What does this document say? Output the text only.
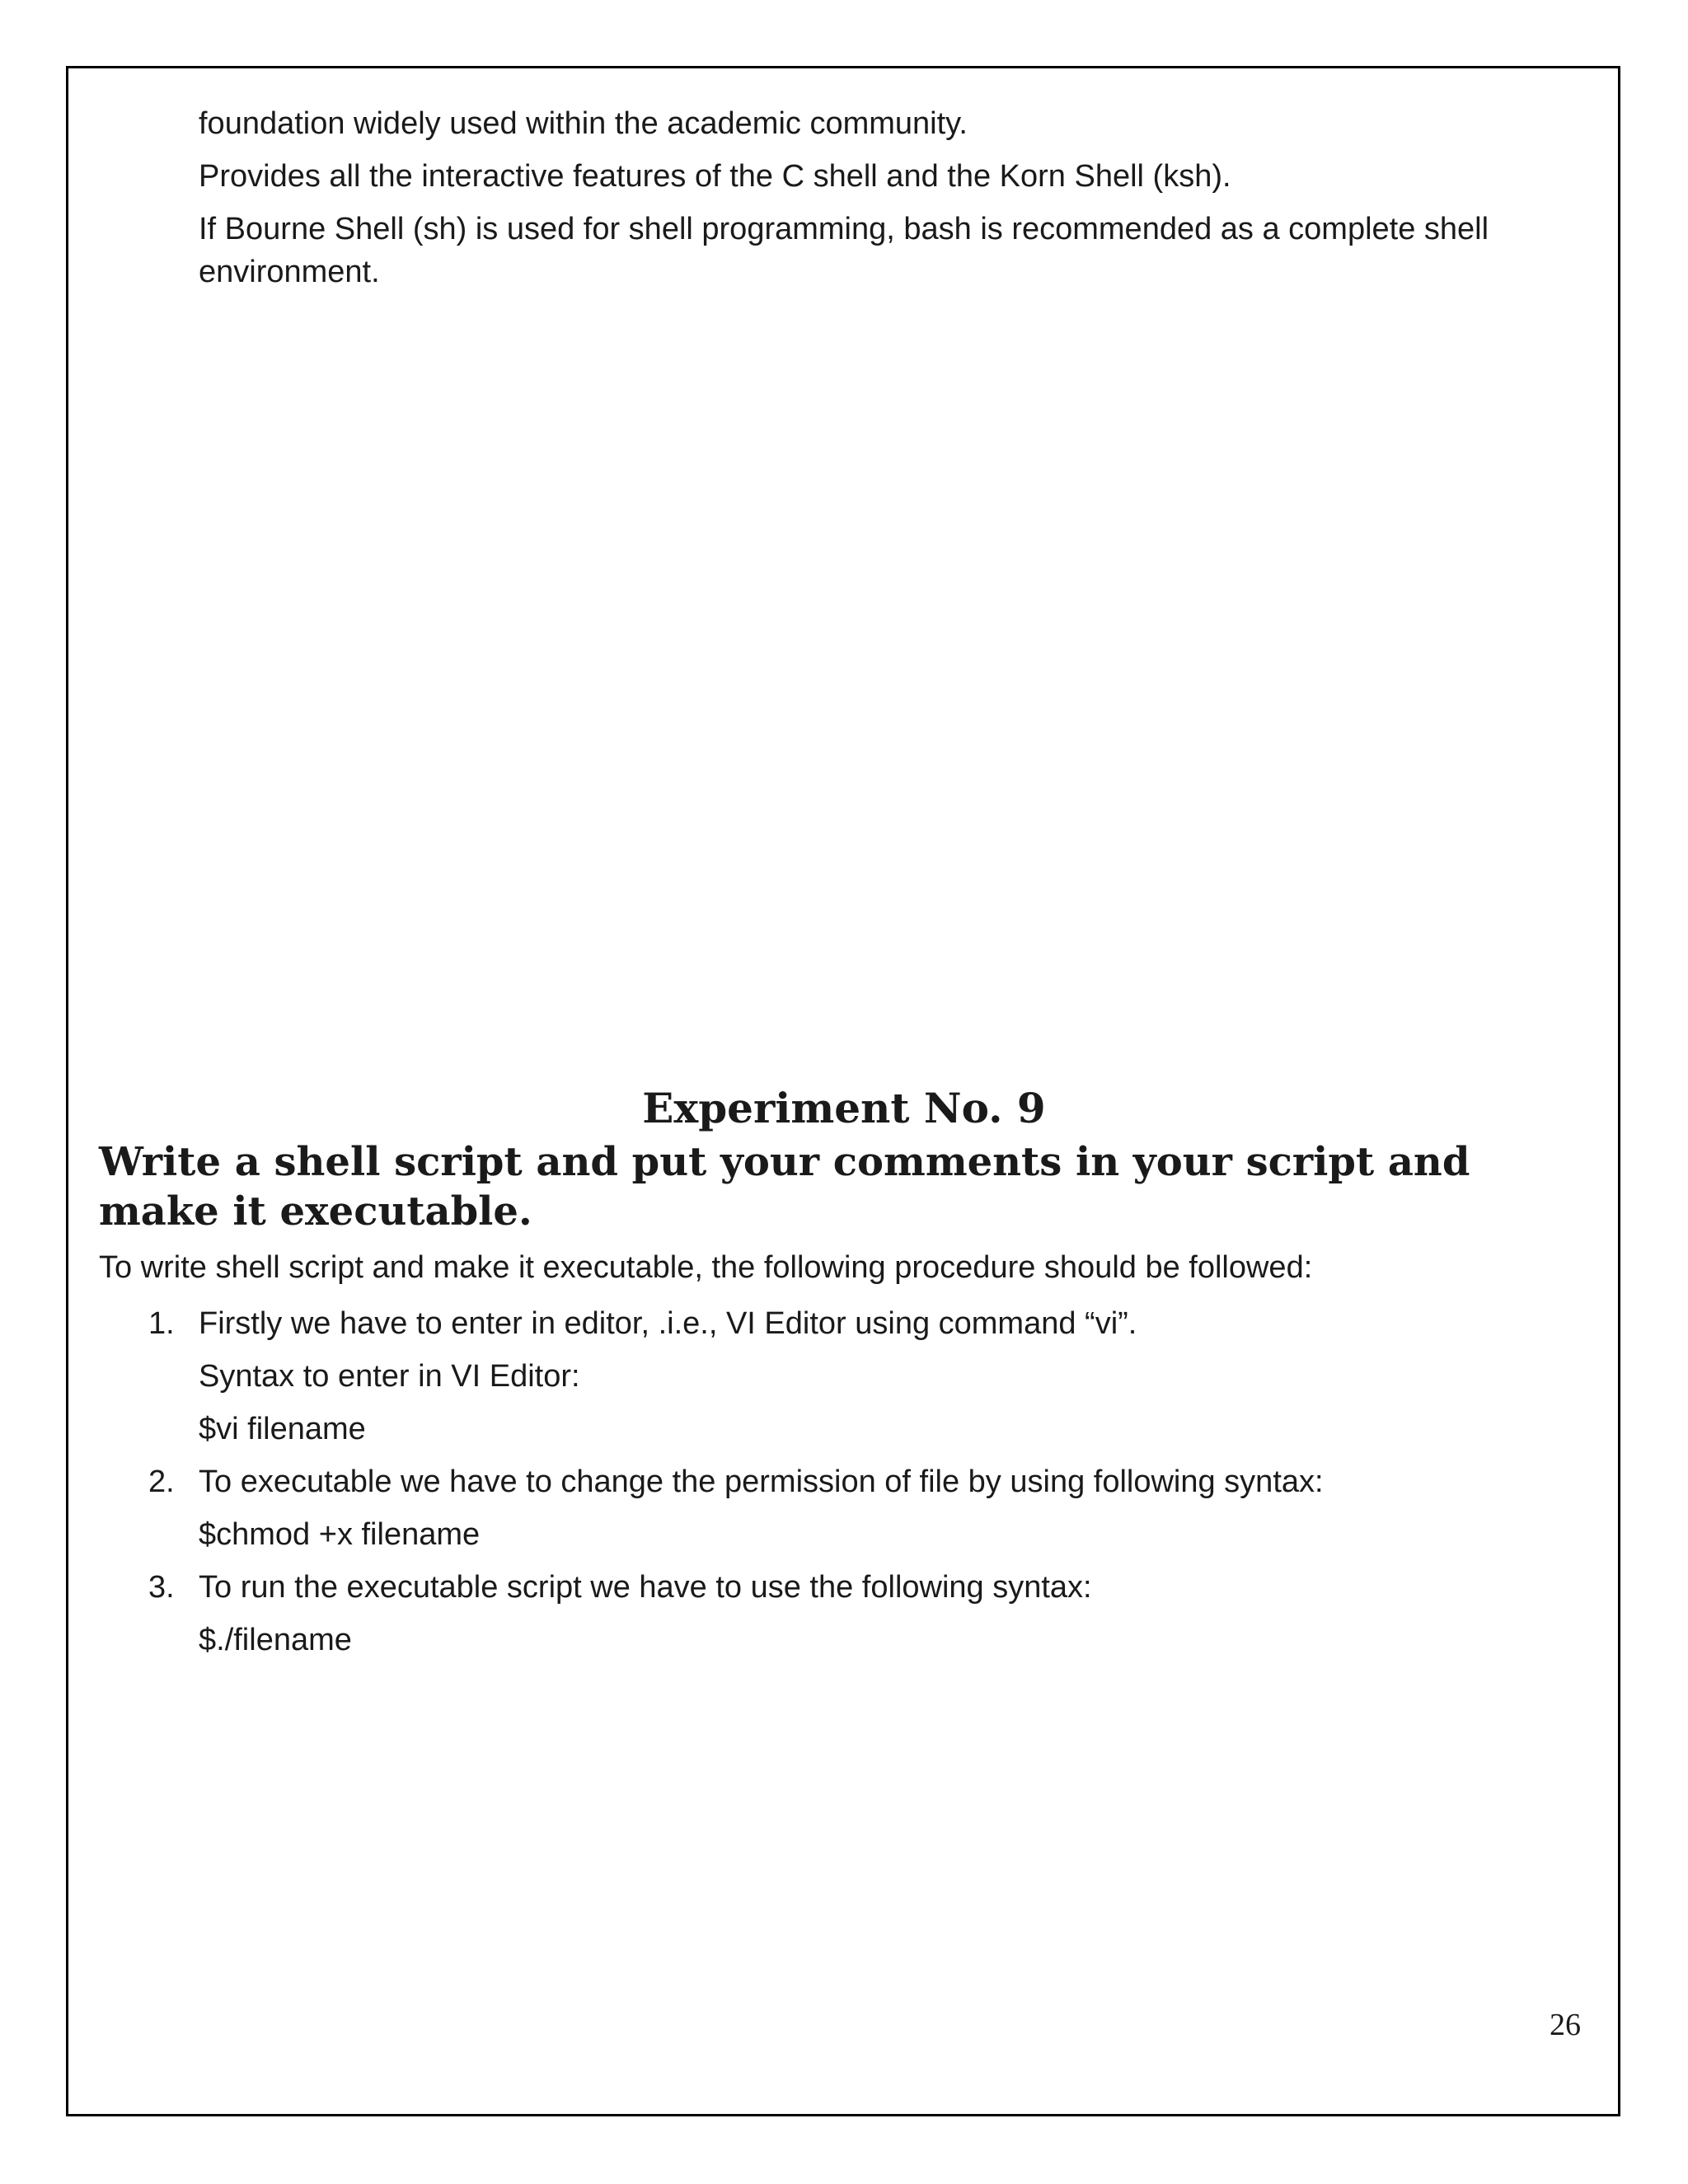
foundation widely used within the academic community.

Provides all the interactive features of the C shell and the Korn Shell (ksh).

If Bourne Shell (sh) is used for shell programming, bash is recommended as a complete shell environment.

Experiment No. 9
Write a shell script and put your comments in your script and make it executable.
To write shell script and make it executable, the following procedure should be followed:
1. Firstly we have to enter in editor, .i.e., VI Editor using command “vi”.
Syntax to enter in VI Editor:
$vi filename
2. To executable we have to change the permission of file by using following syntax:
$chmod +x filename
3. To run the executable script we have to use the following syntax:
$./filename
26
